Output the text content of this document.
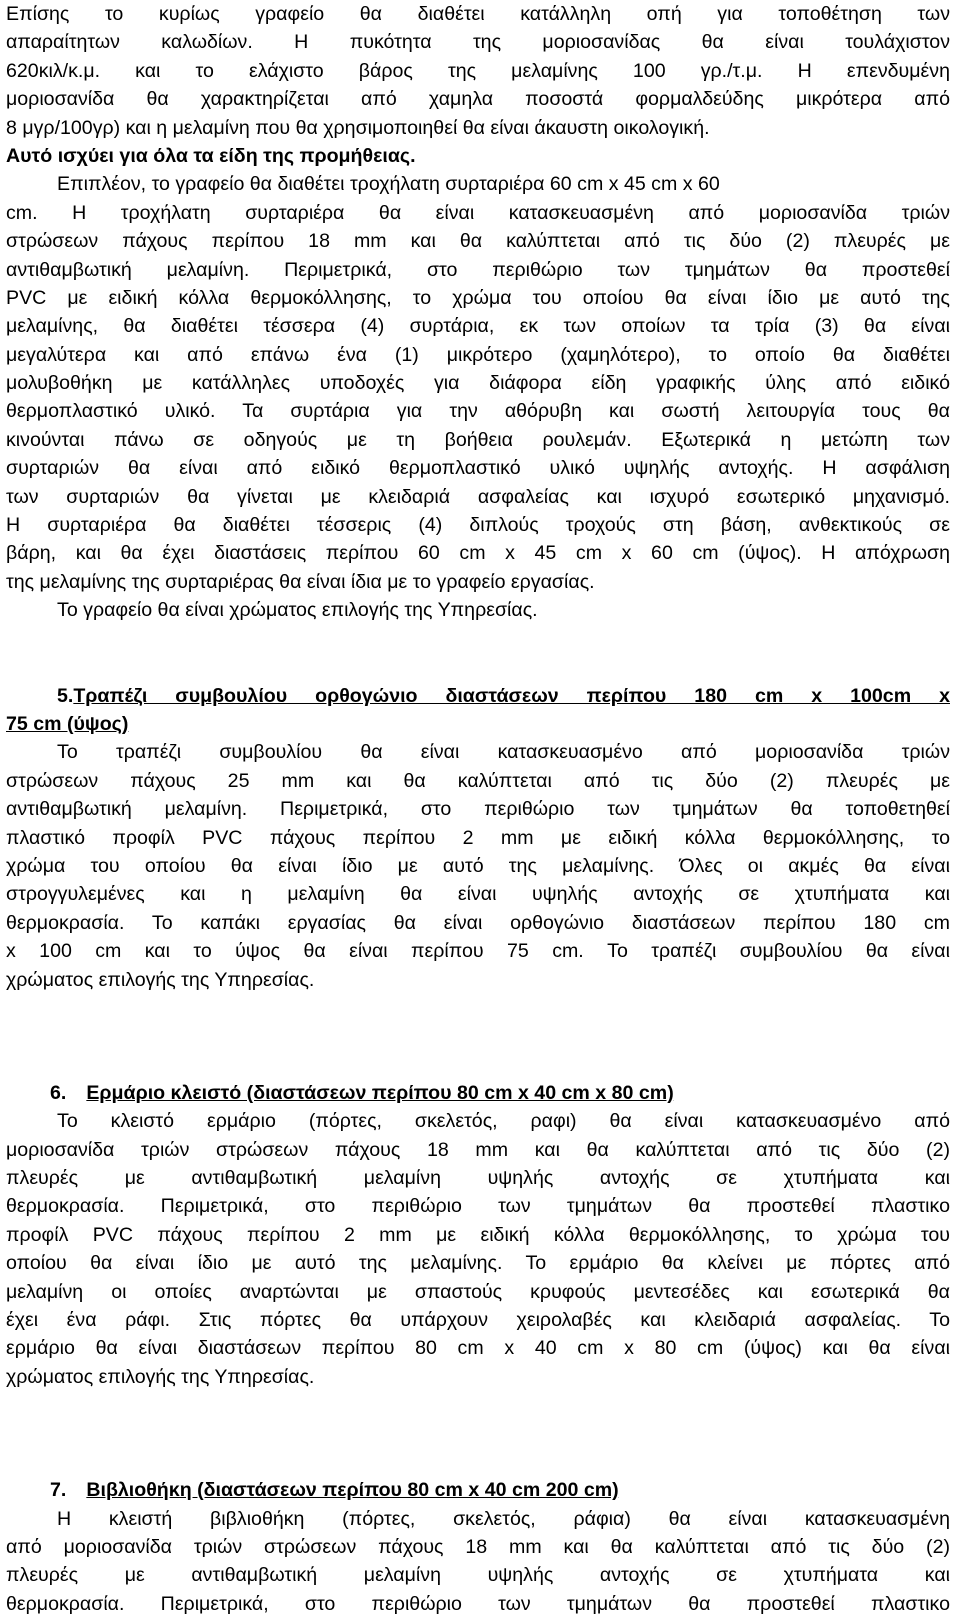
Επίσης το κυρίως γραφείο θα διαθέτει κατάλληλη οπή για τοποθέτηση των
απαραίτητων καλωδίων. Η πυκότητα της μοριοσανίδας θα είναι τουλάχιστον
620κιλ/κ.μ. και το ελάχιστο βάρος της μελαμίνης 100 γρ./τ.μ. Η επενδυμένη
μοριοσανίδα θα χαρακτηρίζεται από χαμηλα ποσοστά φορμαλδεύδης μικρότερα από
8 μγρ/100γρ) και η μελαμίνη που θα χρησιμοποιηθεί θα είναι άκαυστη οικολογική.
Αυτό ισχύει για όλα τα είδη της προμήθειας.
Επιπλέον, το γραφείο θα διαθέτει τροχήλατη συρταριέρα 60 cm x 45 cm x 60
cm. Η τροχήλατη συρταριέρα θα είναι κατασκευασμένη από μοριοσανίδα τριών
στρώσεων πάχους περίπου 18 mm και θα καλύπτεται από τις δύο (2) πλευρές με
αντιθαμβωτική μελαμίνη. Περιμετρικά, στο περιθώριο των τμημάτων θα προστεθεί
PVC με ειδική κόλλα θερμοκόλλησης, το χρώμα του οποίου θα είναι ίδιο με αυτό της
μελαμίνης, θα διαθέτει τέσσερα (4) συρτάρια, εκ των οποίων τα τρία (3) θα είναι
μεγαλύτερα και από επάνω ένα (1) μικρότερο (χαμηλότερο), το οποίο θα διαθέτει
μολυβοθήκη με κατάλληλες υποδοχές για διάφορα είδη γραφικής ύλης από ειδικό
θερμοπλαστικό υλικό. Τα συρτάρια για την αθόρυβη και σωστή λειτουργία τους θα
κινούνται πάνω σε οδηγούς με τη βοήθεια ρουλεμάν. Εξωτερικά η μετώπη των
συρταριών θα είναι από ειδικό θερμοπλαστικό υλικό υψηλής αντοχής. Η ασφάλιση
των συρταριών θα γίνεται με κλειδαριά ασφαλείας και ισχυρό εσωτερικό μηχανισμό.
Η συρταριέρα θα διαθέτει τέσσερις (4) διπλούς τροχούς στη βάση, ανθεκτικούς σε
βάρη, και θα έχει διαστάσεις περίπου 60 cm x 45 cm x 60 cm (ύψος). Η απόχρωση
της μελαμίνης της συρταριέρας θα είναι ίδια με το γραφείο εργασίας.
Το γραφείο θα είναι χρώματος επιλογής της Υπηρεσίας.
5.Τραπέζι συμβουλίου ορθογώνιο διαστάσεων περίπου 180 cm x 100cm x
75 cm (ύψος)
Το τραπέζι συμβουλίου θα είναι κατασκευασμένο από μοριοσανίδα τριών
στρώσεων πάχους 25 mm και θα καλύπτεται από τις δύο (2) πλευρές με
αντιθαμβωτική μελαμίνη. Περιμετρικά, στο περιθώριο των τμημάτων θα τοποθετηθεί
πλαστικό προφίλ PVC πάχους περίπου 2 mm με ειδική κόλλα θερμοκόλλησης, το
χρώμα του οποίου θα είναι ίδιο με αυτό της μελαμίνης. Όλες οι ακμές θα είναι
στρογγυλεμένες και η μελαμίνη θα είναι υψηλής αντοχής σε χτυπήματα και
θερμοκρασία. Το καπάκι εργασίας θα είναι ορθογώνιο διαστάσεων περίπου 180 cm
x 100 cm και το ύψος θα είναι περίπου 75 cm. Το τραπέζι συμβουλίου θα είναι
χρώματος επιλογής της Υπηρεσίας.
6. Ερμάριο κλειστό (διαστάσεων περίπου 80 cm x 40 cm x 80 cm)
Το κλειστό ερμάριο (πόρτες, σκελετός, ραφι) θα είναι κατασκευασμένο από
μοριοσανίδα τριών στρώσεων πάχους 18 mm και θα καλύπτεται από τις δύο (2)
πλευρές με αντιθαμβωτική μελαμίνη υψηλής αντοχής σε χτυπήματα και
θερμοκρασία. Περιμετρικά, στο περιθώριο των τμημάτων θα προστεθεί πλαστικο
προφίλ PVC πάχους περίπου 2 mm με ειδική κόλλα θερμοκόλλησης, το χρώμα του
οποίου θα είναι ίδιο με αυτό της μελαμίνης. Το ερμάριο θα κλείνει με πόρτες από
μελαμίνη οι οποίες αναρτώνται με σπαστούς κρυφούς μεντεσέδες και εσωτερικά θα
έχει ένα ράφι. Στις πόρτες θα υπάρχουν χειρολαβές και κλειδαριά ασφαλείας. Το
ερμάριο θα είναι διαστάσεων περίπου 80 cm x 40 cm x 80 cm (ύψος) και θα είναι
χρώματος επιλογής της Υπηρεσίας.
7. Βιβλιοθήκη (διαστάσεων περίπου 80 cm x 40 cm 200 cm)
Η κλειστή βιβλιοθήκη (πόρτες, σκελετός, ράφια) θα είναι κατασκευασμένη
από μοριοσανίδα τριών στρώσεων πάχους 18 mm και θα καλύπτεται από τις δύο (2)
πλευρές με αντιθαμβωτική μελαμίνη υψηλής αντοχής σε χτυπήματα και
θερμοκρασία. Περιμετρικά, στο περιθώριο των τμημάτων θα προστεθεί πλαστικο
